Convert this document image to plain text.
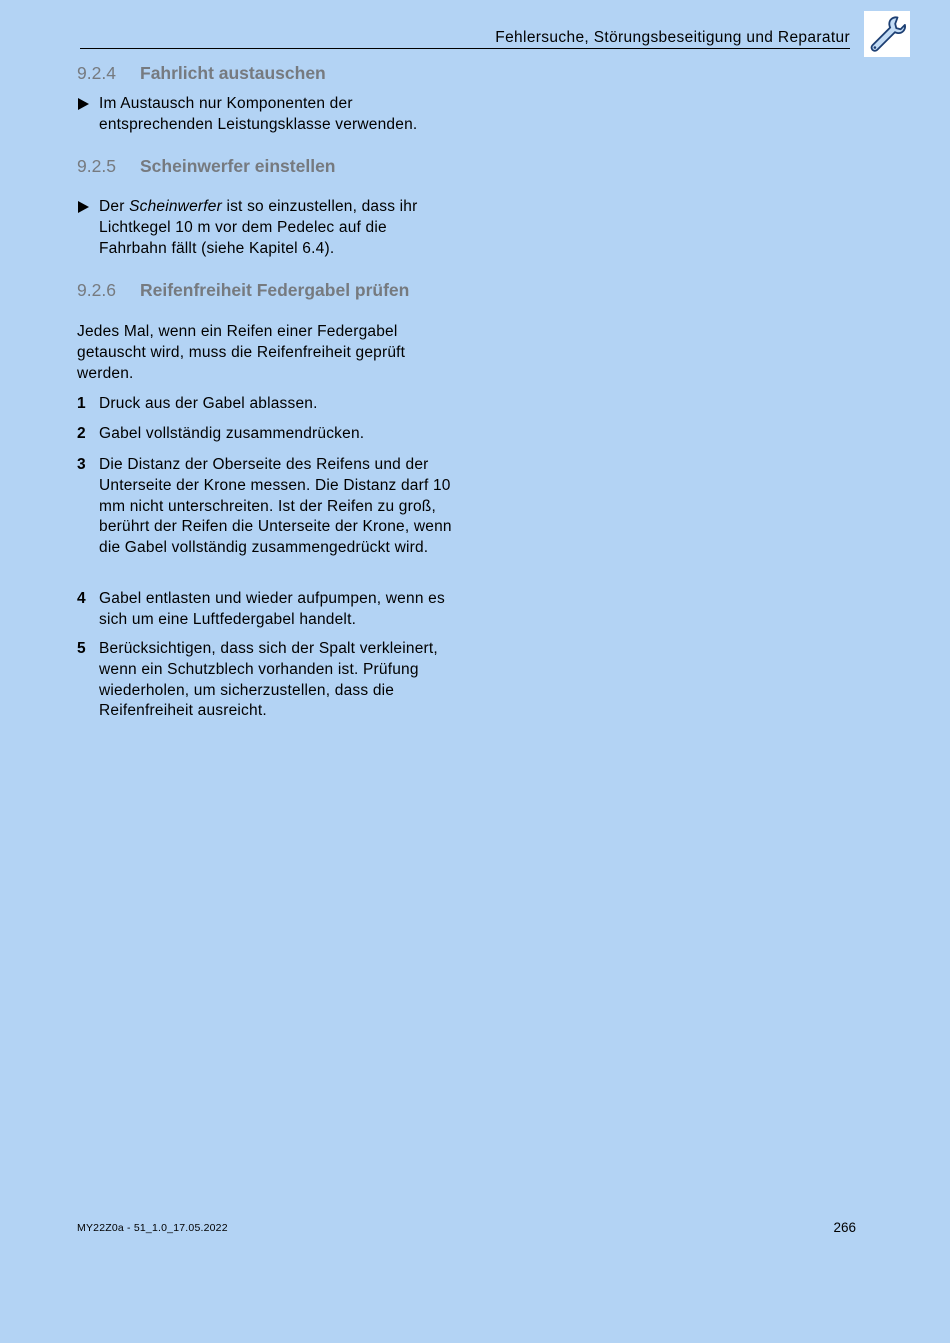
Fehlersuche, Störungsbeseitigung und Reparatur
9.2.4 Fahrlicht austauschen
Im Austausch nur Komponenten der entsprechenden Leistungsklasse verwenden.
9.2.5 Scheinwerfer einstellen
Der Scheinwerfer ist so einzustellen, dass ihr Lichtkegel 10 m vor dem Pedelec auf die Fahrbahn fällt (siehe Kapitel 6.4).
9.2.6 Reifenfreiheit Federgabel prüfen
Jedes Mal, wenn ein Reifen einer Federgabel getauscht wird, muss die Reifenfreiheit geprüft werden.
1 Druck aus der Gabel ablassen.
2 Gabel vollständig zusammendrücken.
3 Die Distanz der Oberseite des Reifens und der Unterseite der Krone messen. Die Distanz darf 10 mm nicht unterschreiten. Ist der Reifen zu groß, berührt der Reifen die Unterseite der Krone, wenn die Gabel vollständig zusammengedrückt wird.
4 Gabel entlasten und wieder aufpumpen, wenn es sich um eine Luftfedergabel handelt.
5 Berücksichtigen, dass sich der Spalt verkleinert, wenn ein Schutzblech vorhanden ist. Prüfung wiederholen, um sicherzustellen, dass die Reifenfreiheit ausreicht.
MY22Z0a - 51_1.0_17.05.2022	266
